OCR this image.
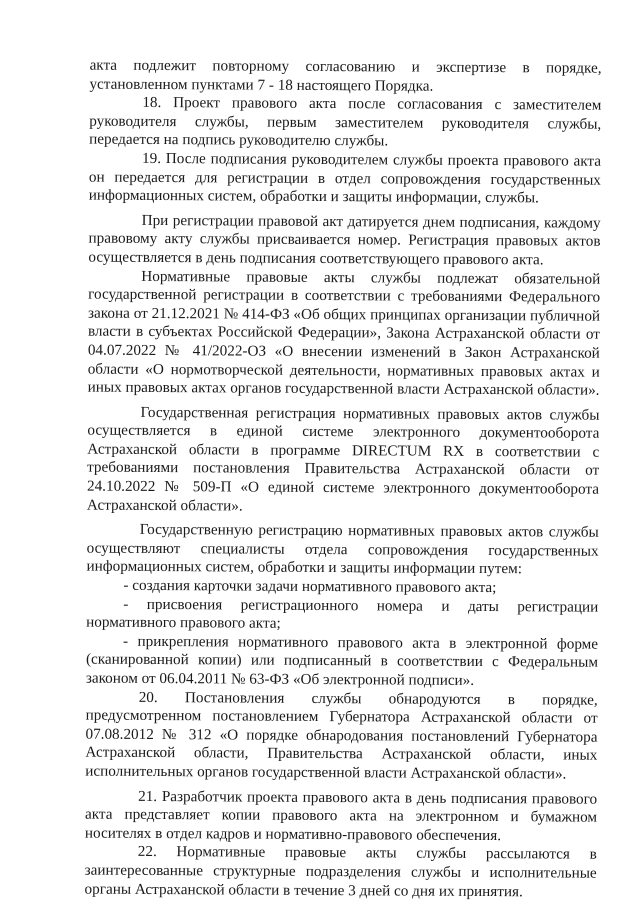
акта подлежит повторному согласованию и экспертизе в порядке, установленном пунктами 7 - 18 настоящего Порядка.

18. Проект правового акта после согласования с заместителем руководителя службы, первым заместителем руководителя службы, передается на подпись руководителю службы.

19. После подписания руководителем службы проекта правового акта он передается для регистрации в отдел сопровождения государственных информационных систем, обработки и защиты информации, службы.

При регистрации правовой акт датируется днем подписания, каждому правовому акту службы присваивается номер. Регистрация правовых актов осуществляется в день подписания соответствующего правового акта.

Нормативные правовые акты службы подлежат обязательной государственной регистрации в соответствии с требованиями Федерального закона от 21.12.2021 № 414-ФЗ «Об общих принципах организации публичной власти в субъектах Российской Федерации», Закона Астраханской области от 04.07.2022 № 41/2022-ОЗ «О внесении изменений в Закон Астраханской области «О нормотворческой деятельности, нормативных правовых актах и иных правовых актах органов государственной власти Астраханской области».

Государственная регистрация нормативных правовых актов службы осуществляется в единой системе электронного документооборота Астраханской области в программе DIRECTUM RX в соответствии с требованиями постановления Правительства Астраханской области от 24.10.2022 № 509-П «О единой системе электронного документооборота Астраханской области».

Государственную регистрацию нормативных правовых актов службы осуществляют специалисты отдела сопровождения государственных информационных систем, обработки и защиты информации путем:

- создания карточки задачи нормативного правового акта;

- присвоения регистрационного номера и даты регистрации нормативного правового акта;

- прикрепления нормативного правового акта в электронной форме (сканированной копии) или подписанный в соответствии с Федеральным законом от 06.04.2011 № 63-ФЗ «Об электронной подписи».

20. Постановления службы обнародуются в порядке, предусмотренном постановлением Губернатора Астраханской области от 07.08.2012 № 312 «О порядке обнародования постановлений Губернатора Астраханской области, Правительства Астраханской области, иных исполнительных органов государственной власти Астраханской области».

21. Разработчик проекта правового акта в день подписания правового акта представляет копии правового акта на электронном и бумажном носителях в отдел кадров и нормативно-правового обеспечения.

22. Нормативные правовые акты службы рассылаются в заинтересованные структурные подразделения службы и исполнительные органы Астраханской области в течение 3 дней со дня их принятия.
